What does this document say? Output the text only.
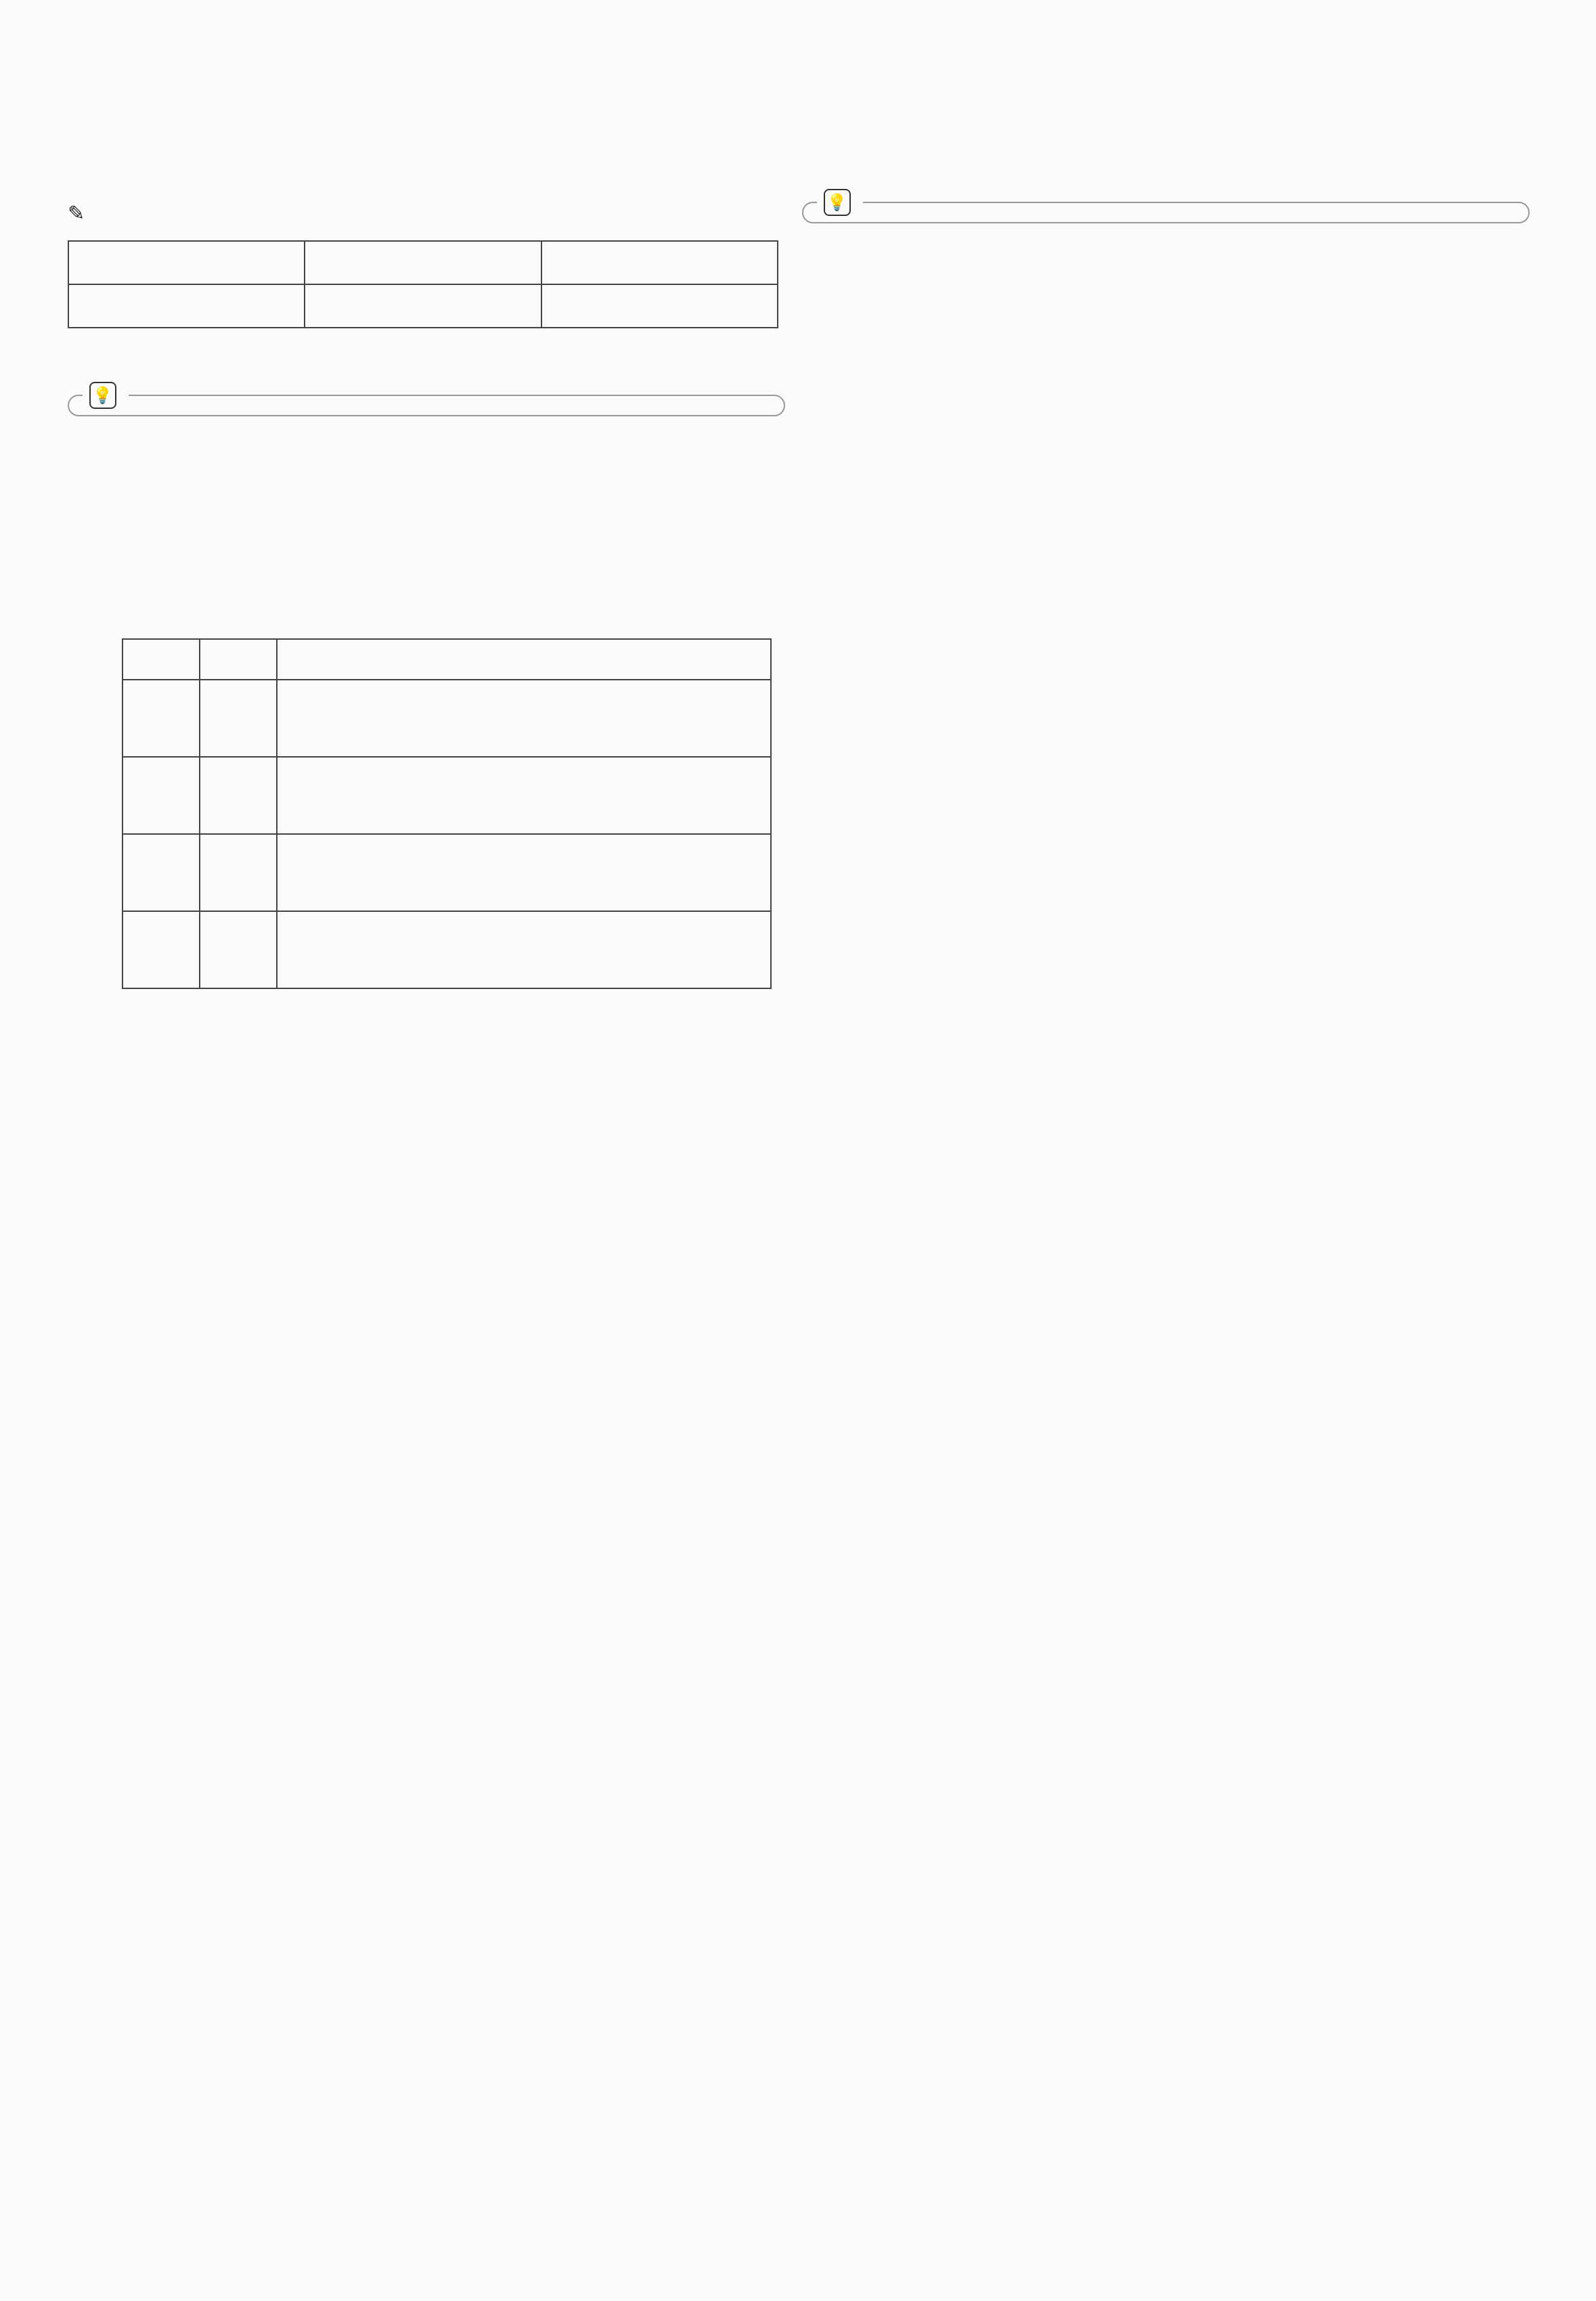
✎

💡

💡
